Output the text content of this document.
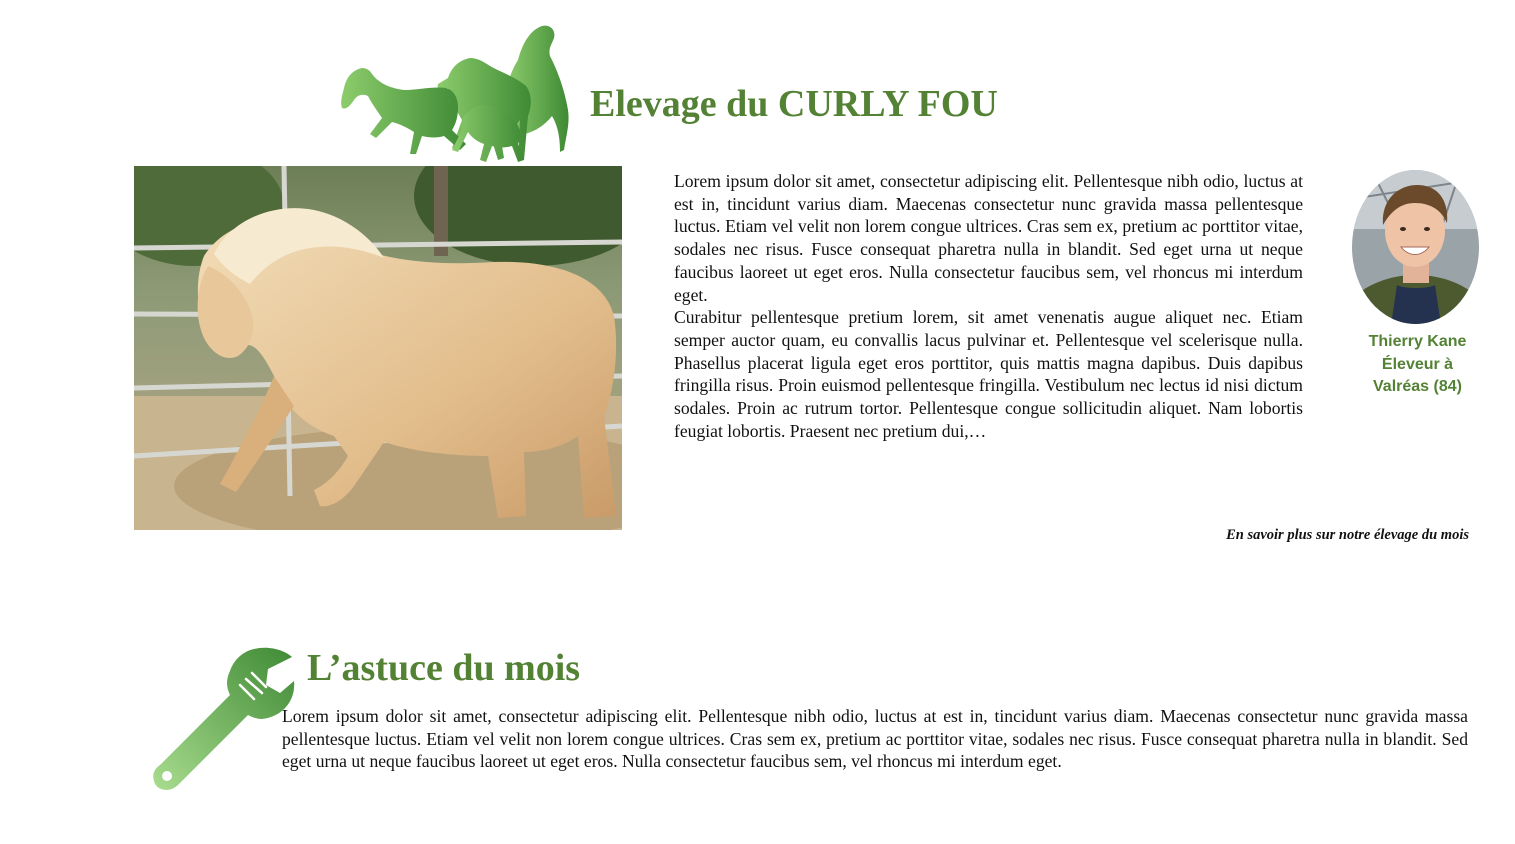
Elevage du CURLY FOU

Lorem ipsum dolor sit amet, consectetur adipiscing elit. Pellentesque nibh odio, luctus at est in, tincidunt varius diam. Maecenas consectetur nunc gravida massa pellentesque luctus. Etiam vel velit non lorem congue ultrices. Cras sem ex, pretium ac porttitor vitae, sodales nec risus. Fusce consequat pharetra nulla in blandit. Sed eget urna ut neque faucibus laoreet ut eget eros. Nulla consectetur faucibus sem, vel rhoncus mi interdum eget.

Curabitur pellentesque pretium lorem, sit amet venenatis augue aliquet nec. Etiam semper auctor quam, eu convallis lacus pulvinar et. Pellentesque vel scelerisque nulla. Phasellus placerat ligula eget eros porttitor, quis mattis magna dapibus. Duis dapibus fringilla risus. Proin euismod pellentesque fringilla. Vestibulum nec lectus id nisi dictum sodales. Proin ac rutrum tortor. Pellentesque congue sollicitudin aliquet. Nam lobortis feugiat lobortis. Praesent nec pretium dui,…

Thierry Kane
Éleveur à
Valréas (84)
En savoir plus sur notre élevage du mois
L’astuce du mois

Lorem ipsum dolor sit amet, consectetur adipiscing elit. Pellentesque nibh odio, luctus at est in, tincidunt varius diam. Maecenas consectetur nunc gravida massa pellentesque luctus. Etiam vel velit non lorem congue ultrices. Cras sem ex, pretium ac porttitor vitae, sodales nec risus. Fusce consequat pharetra nulla in blandit. Sed eget urna ut neque faucibus laoreet ut eget eros. Nulla consectetur faucibus sem, vel rhoncus mi interdum eget.
